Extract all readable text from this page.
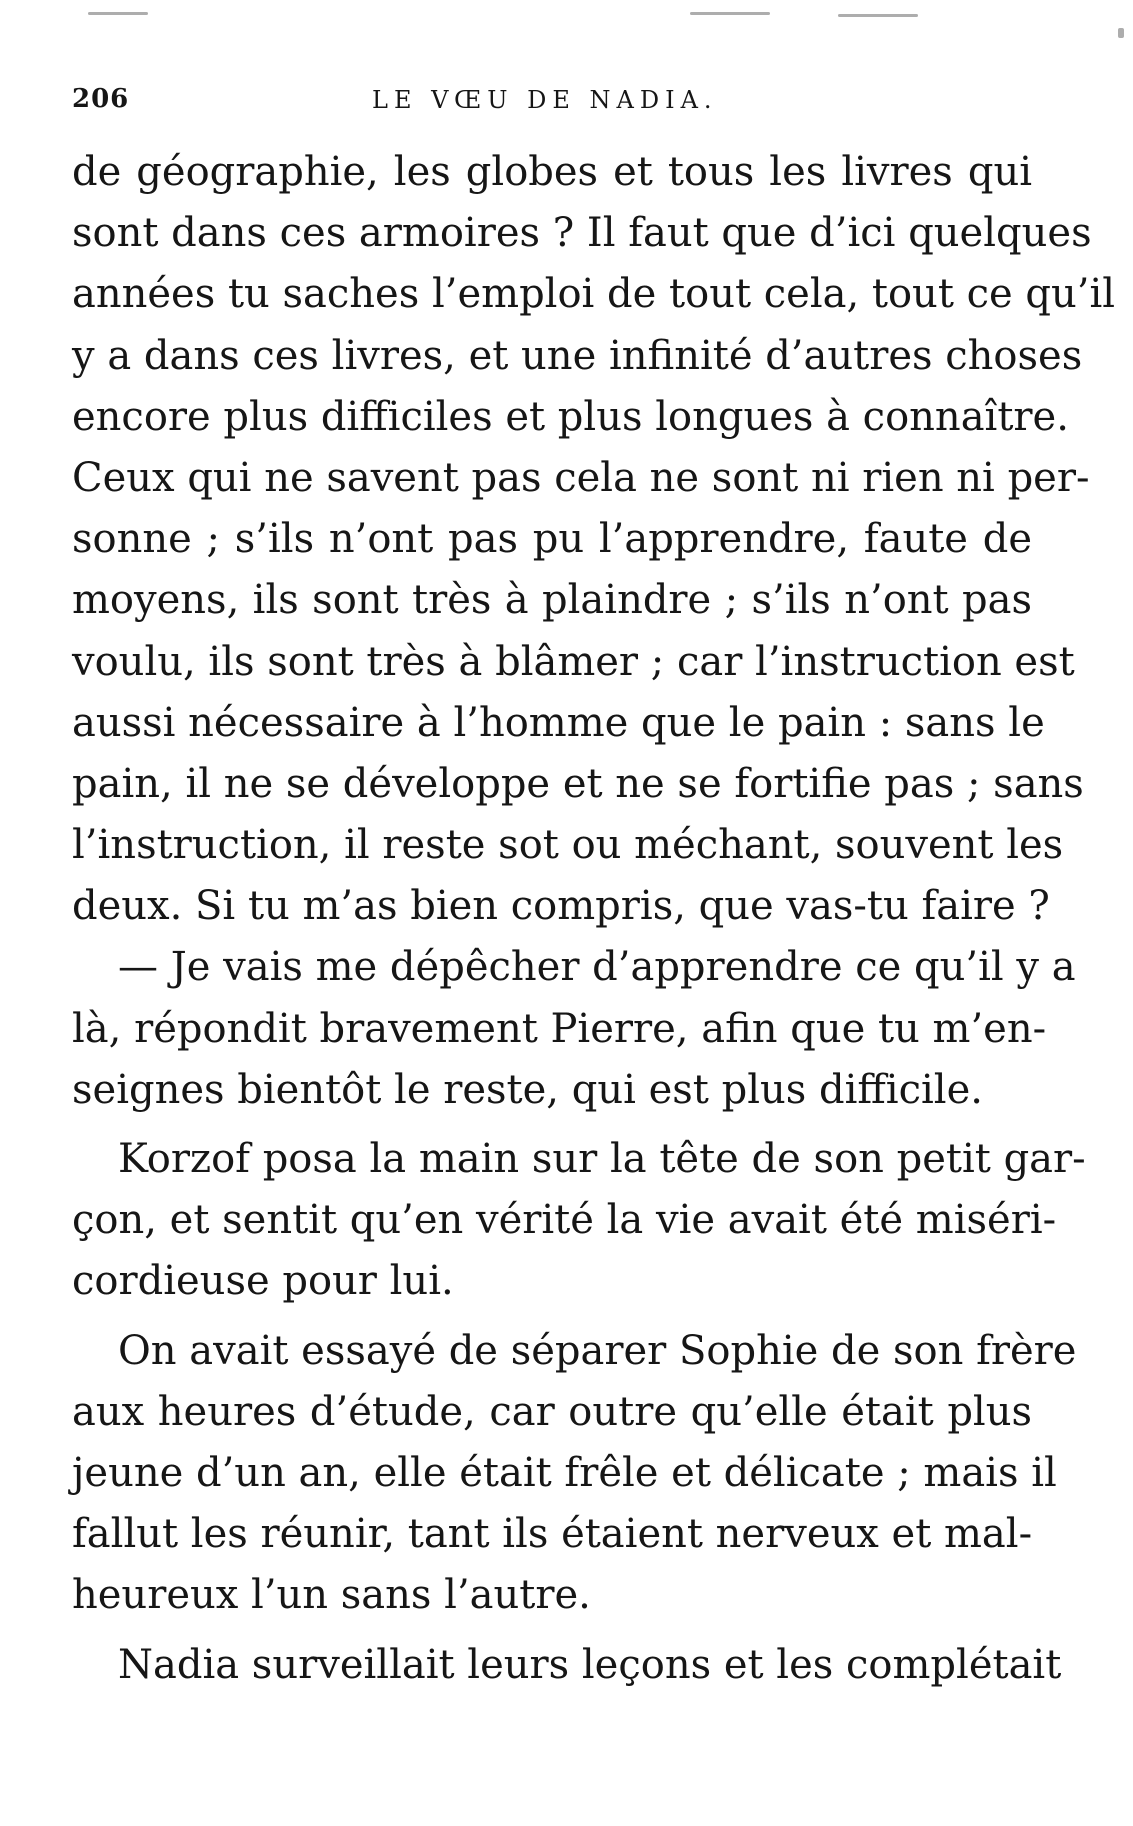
206	LE VŒU DE NADIA.
de géographie, les globes et tous les livres qui
sont dans ces armoires ? Il faut que d’ici quelques
années tu saches l’emploi de tout cela, tout ce qu’il
y a dans ces livres, et une infinité d’autres choses
encore plus difficiles et plus longues à connaître.
Ceux qui ne savent pas cela ne sont ni rien ni per-
sonne ; s’ils n’ont pas pu l’apprendre, faute de
moyens, ils sont très à plaindre ; s’ils n’ont pas
voulu, ils sont très à blâmer ; car l’instruction est
aussi nécessaire à l’homme que le pain : sans le
pain, il ne se développe et ne se fortifie pas ; sans
l’instruction, il reste sot ou méchant, souvent les
deux. Si tu m’as bien compris, que vas-tu faire ?
— Je vais me dépêcher d’apprendre ce qu’il y a
là, répondit bravement Pierre, afin que tu m’en-
seignes bientôt le reste, qui est plus difficile.
Korzof posa la main sur la tête de son petit gar-
çon, et sentit qu’en vérité la vie avait été miséri-
cordieuse pour lui.
On avait essayé de séparer Sophie de son frère
aux heures d’étude, car outre qu’elle était plus
jeune d’un an, elle était frêle et délicate ; mais il
fallut les réunir, tant ils étaient nerveux et mal-
heureux l’un sans l’autre.
Nadia surveillait leurs leçons et les complétait
